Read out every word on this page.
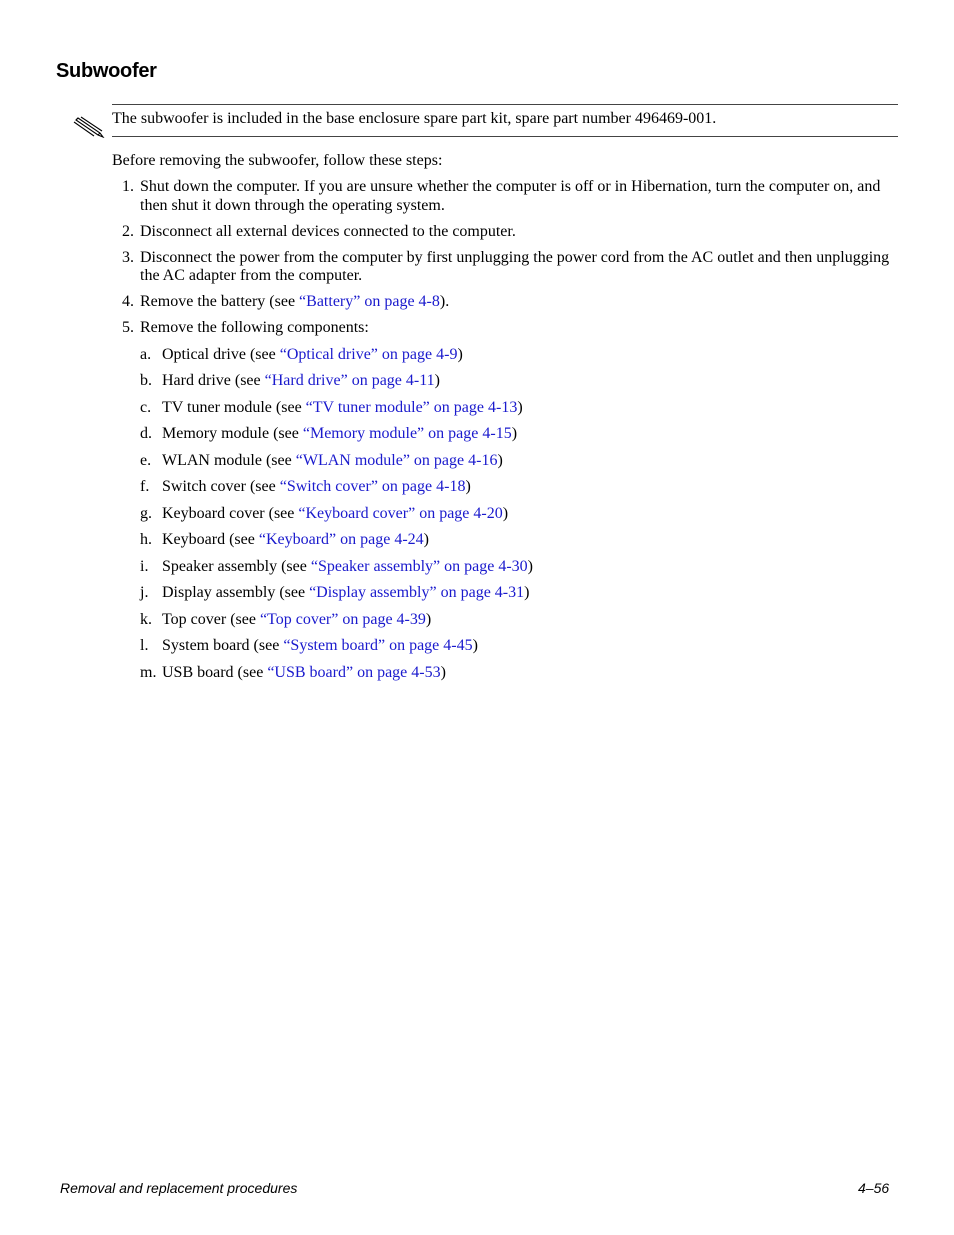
Subwoofer
The subwoofer is included in the base enclosure spare part kit, spare part number 496469-001.
Before removing the subwoofer, follow these steps:
1. Shut down the computer. If you are unsure whether the computer is off or in Hibernation, turn the computer on, and then shut it down through the operating system.
2. Disconnect all external devices connected to the computer.
3. Disconnect the power from the computer by first unplugging the power cord from the AC outlet and then unplugging the AC adapter from the computer.
4. Remove the battery (see “Battery” on page 4-8).
5. Remove the following components:
a. Optical drive (see “Optical drive” on page 4-9)
b. Hard drive (see “Hard drive” on page 4-11)
c. TV tuner module (see “TV tuner module” on page 4-13)
d. Memory module (see “Memory module” on page 4-15)
e. WLAN module (see “WLAN module” on page 4-16)
f. Switch cover (see “Switch cover” on page 4-18)
g. Keyboard cover (see “Keyboard cover” on page 4-20)
h. Keyboard (see “Keyboard” on page 4-24)
i. Speaker assembly (see “Speaker assembly” on page 4-30)
j. Display assembly (see “Display assembly” on page 4-31)
k. Top cover (see “Top cover” on page 4-39)
l. System board (see “System board” on page 4-45)
m. USB board (see “USB board” on page 4-53)
Removal and replacement procedures	4–56
